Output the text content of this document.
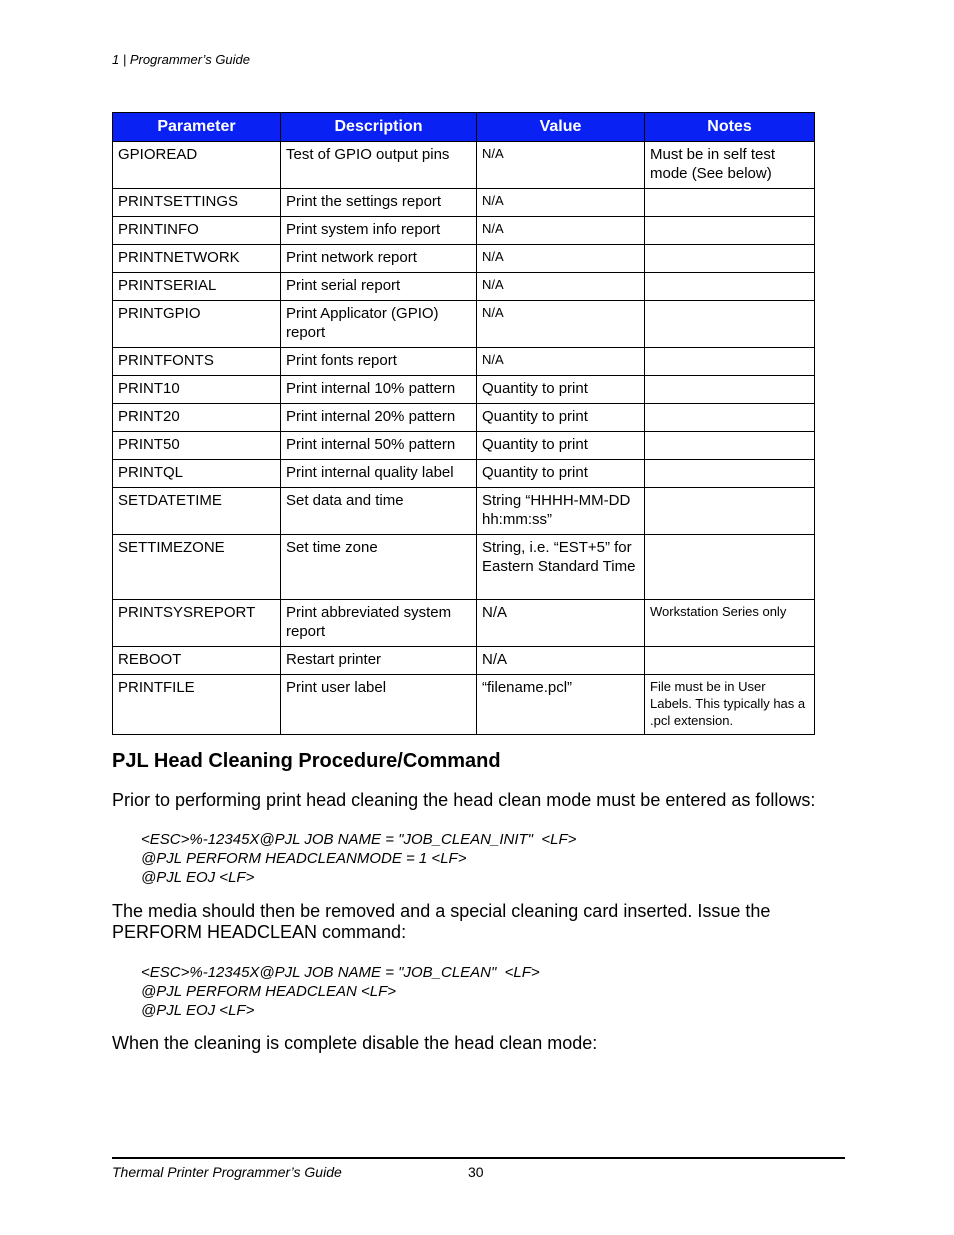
1 | Programmer’s Guide
Parameter	Description	Value	Notes
GPIOREAD	Test of GPIO output pins	N/A	Must be in self test mode (See below)
PRINTSETTINGS	Print the settings report	N/A	
PRINTINFO	Print system info report	N/A	
PRINTNETWORK	Print network report	N/A	
PRINTSERIAL	Print serial report	N/A	
PRINTGPIO	Print Applicator (GPIO) report	N/A	
PRINTFONTS	Print fonts report	N/A	
PRINT10	Print internal 10% pattern	Quantity to print	
PRINT20	Print internal 20% pattern	Quantity to print	
PRINT50	Print internal 50% pattern	Quantity to print	
PRINTQL	Print internal quality label	Quantity to print	
SETDATETIME	Set data and time	String “HHHH-MM-DD hh:mm:ss”	
SETTIMEZONE	Set time zone	String, i.e. “EST+5” for Eastern Standard Time	
PRINTSYSREPORT	Print abbreviated system report	N/A	Workstation Series only
REBOOT	Restart printer	N/A	
PRINTFILE	Print user label	“filename.pcl”	File must be in User Labels. This typically has a .pcl extension.
PJL Head Cleaning Procedure/Command
Prior to performing print head cleaning the head clean mode must be entered as follows:
<ESC>%-12345X@PJL JOB NAME = "JOB_CLEAN_INIT"  <LF>
@PJL PERFORM HEADCLEANMODE = 1 <LF>
@PJL EOJ <LF>
The media should then be removed and a special cleaning card inserted. Issue the PERFORM HEADCLEAN command:
<ESC>%-12345X@PJL JOB NAME = "JOB_CLEAN"  <LF>
@PJL PERFORM HEADCLEAN <LF>
@PJL EOJ <LF>
When the cleaning is complete disable the head clean mode:
Thermal Printer Programmer’s Guide	30
